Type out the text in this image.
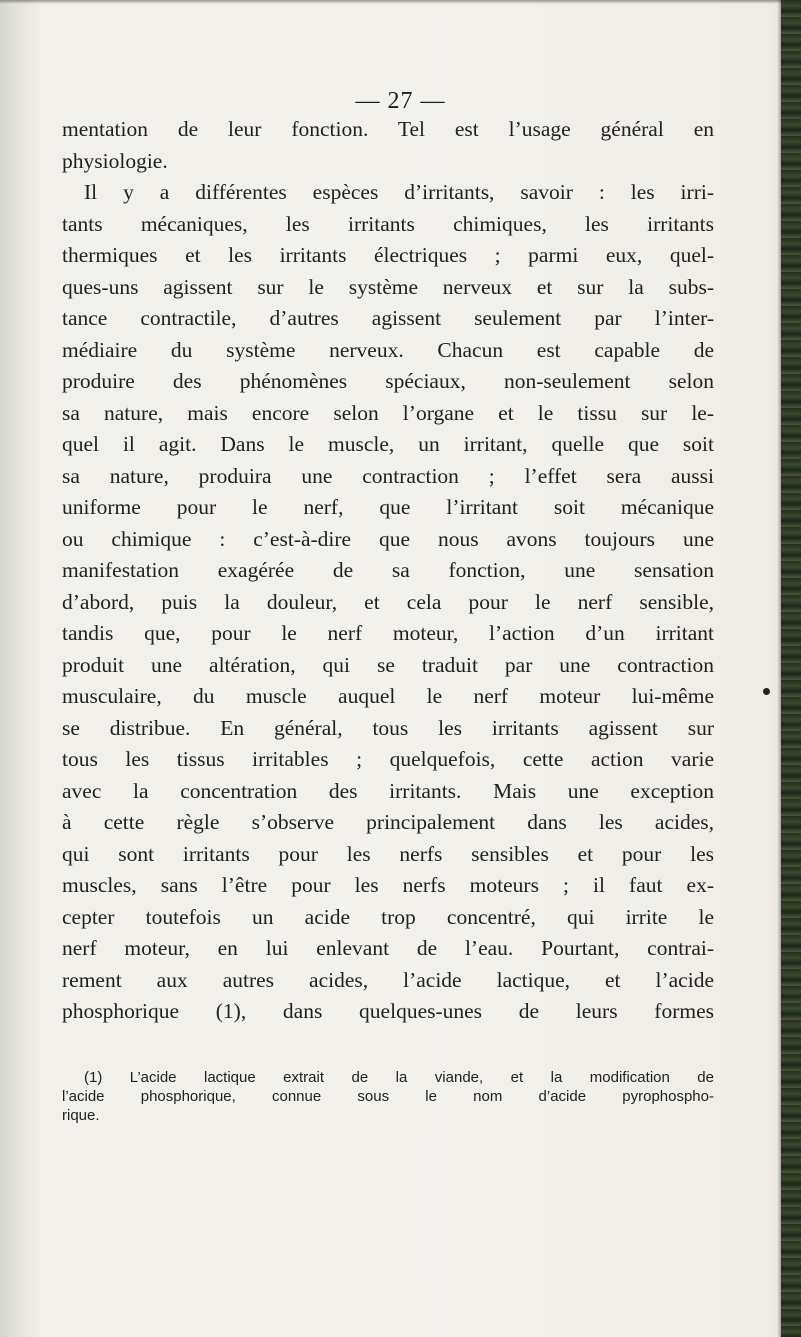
— 27 —
mentation de leur fonction. Tel est l’usage général en
physiologie.
Il y a différentes espèces d’irritants, savoir : les irri-
tants mécaniques, les irritants chimiques, les irritants
thermiques et les irritants électriques ; parmi eux, quel-
ques-uns agissent sur le système nerveux et sur la subs-
tance contractile, d’autres agissent seulement par l’inter-
médiaire du système nerveux. Chacun est capable de
produire des phénomènes spéciaux, non-seulement selon
sa nature, mais encore selon l’organe et le tissu sur le-
quel il agit. Dans le muscle, un irritant, quelle que soit
sa nature, produira une contraction ; l’effet sera aussi
uniforme pour le nerf, que l’irritant soit mécanique
ou chimique : c’est-à-dire que nous avons toujours une
manifestation exagérée de sa fonction, une sensation
d’abord, puis la douleur, et cela pour le nerf sensible,
tandis que, pour le nerf moteur, l’action d’un irritant
produit une altération, qui se traduit par une contraction
musculaire, du muscle auquel le nerf moteur lui-même
se distribue. En général, tous les irritants agissent sur
tous les tissus irritables ; quelquefois, cette action varie
avec la concentration des irritants. Mais une exception
à cette règle s’observe principalement dans les acides,
qui sont irritants pour les nerfs sensibles et pour les
muscles, sans l’être pour les nerfs moteurs ; il faut ex-
cepter toutefois un acide trop concentré, qui irrite le
nerf moteur, en lui enlevant de l’eau. Pourtant, contrai-
rement aux autres acides, l’acide lactique, et l’acide
phosphorique (1), dans quelques-unes de leurs formes
(1) L’acide lactique extrait de la viande, et la modification de
l’acide phosphorique, connue sous le nom d’acide pyrophospho-
rique.
